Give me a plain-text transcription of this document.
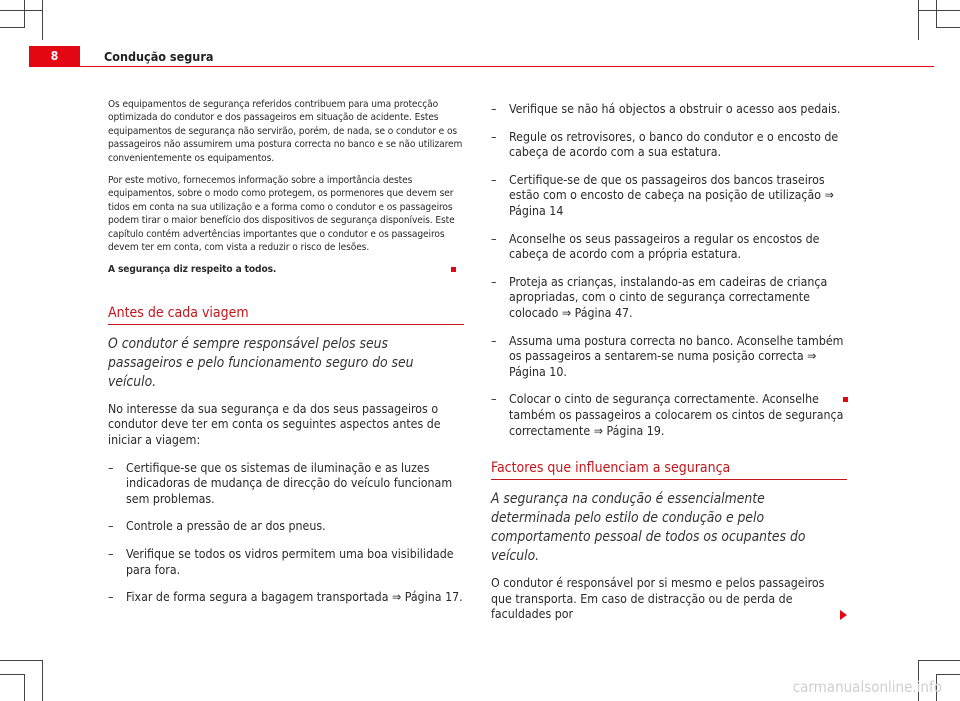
8	Condução segura

Os equipamentos de segurança referidos contribuem para uma protecção optimizada do condutor e dos passageiros em situação de acidente. Estes equipamentos de segurança não servirão, porém, de nada, se o condutor e os passageiros não assumirem uma postura correcta no banco e se não utilizarem convenientemente os equipamentos.

Por este motivo, fornecemos informação sobre a importância destes equipamentos, sobre o modo como protegem, os pormenores que devem ser tidos em conta na sua utilização e a forma como o condutor e os passageiros podem tirar o maior benefício dos dispositivos de segurança disponíveis. Este capítulo contém advertências importantes que o condutor e os passageiros devem ter em conta, com vista a reduzir o risco de lesões.

A segurança diz respeito a todos.

Antes de cada viagem

O condutor é sempre responsável pelos seus passageiros e pelo funcionamento seguro do seu veículo.

No interesse da sua segurança e da dos seus passageiros o condutor deve ter em conta os seguintes aspectos antes de iniciar a viagem:

– Certifique-se que os sistemas de iluminação e as luzes indicadoras de mudança de direcção do veículo funcionam sem problemas.
– Controle a pressão de ar dos pneus.
– Verifique se todos os vidros permitem uma boa visibilidade para fora.
– Fixar de forma segura a bagagem transportada ⇒ Página 17.
– Verifique se não há objectos a obstruir o acesso aos pedais.
– Regule os retrovisores, o banco do condutor e o encosto de cabeça de acordo com a sua estatura.
– Certifique-se de que os passageiros dos bancos traseiros estão com o encosto de cabeça na posição de utilização ⇒ Página 14
– Aconselhe os seus passageiros a regular os encostos de cabeça de acordo com a própria estatura.
– Proteja as crianças, instalando-as em cadeiras de criança apropriadas, com o cinto de segurança correctamente colocado ⇒ Página 47.
– Assuma uma postura correcta no banco. Aconselhe também os passageiros a sentarem-se numa posição correcta ⇒ Página 10.
– Colocar o cinto de segurança correctamente. Aconselhe também os passageiros a colocarem os cintos de segurança correctamente ⇒ Página 19.
Factores que influenciam a segurança

A segurança na condução é essencialmente determinada pelo estilo de condução e pelo comportamento pessoal de todos os ocupantes do veículo.

O condutor é responsável por si mesmo e pelos passageiros que transporta. Em caso de distracção ou de perda de faculdades por

carmanualsonline.info
